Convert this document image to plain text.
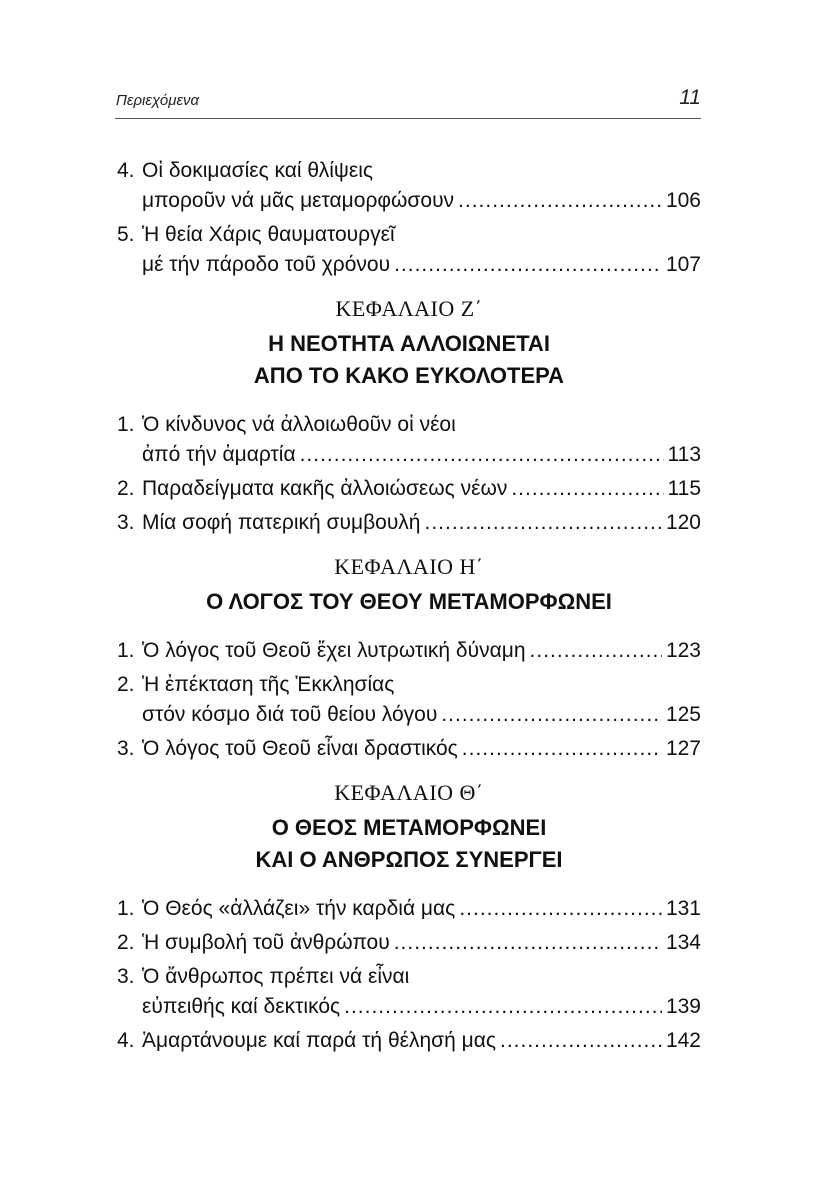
Περιεχόμενα	11
4. Οἱ δοκιμασίες καί θλίψεις
μποροῦν νά μᾶς μεταμορφώσουν .....	106
5. Ἡ θεία Χάρις θαυματουργεῖ
μέ τήν πάροδο τοῦ χρόνου .....	107
ΚΕΦΑΛΑΙΟ Ζ΄
Η ΝΕΟΤΗΤΑ ΑΛΛΟΙΩΝΕΤΑΙ
ΑΠΟ ΤΟ ΚΑΚΟ ΕΥΚΟΛΟΤΕΡΑ
1. Ὁ κίνδυνος νά ἀλλοιωθοῦν οἱ νέοι
ἀπό τήν ἁμαρτία .....	113
2. Παραδείγματα κακῆς ἀλλοιώσεως νέων .....	115
3. Μία σοφή πατερική συμβουλή .....	120
ΚΕΦΑΛΑΙΟ Η΄
Ο ΛΟΓΟΣ ΤΟΥ ΘΕΟΥ ΜΕΤΑΜΟΡΦΩΝΕΙ
1. Ὁ λόγος τοῦ Θεοῦ ἔχει λυτρωτική δύναμη .....	123
2. Ἡ ἐπέκταση τῆς Ἐκκλησίας
στόν κόσμο διά τοῦ θείου λόγου .....	125
3. Ὁ λόγος τοῦ Θεοῦ εἶναι δραστικός .....	127
ΚΕΦΑΛΑΙΟ Θ΄
Ο ΘΕΟΣ ΜΕΤΑΜΟΡΦΩΝΕΙ
ΚΑΙ Ο ΑΝΘΡΩΠΟΣ ΣΥΝΕΡΓΕΙ
1. Ὁ Θεός «ἀλλάζει» τήν καρδιά μας .....	131
2. Ἡ συμβολή τοῦ ἀνθρώπου .....	134
3. Ὁ ἄνθρωπος πρέπει νά εἶναι
εὐπειθής καί δεκτικός .....	139
4. Ἁμαρτάνουμε καί παρά τή θέλησή μας .....	142
